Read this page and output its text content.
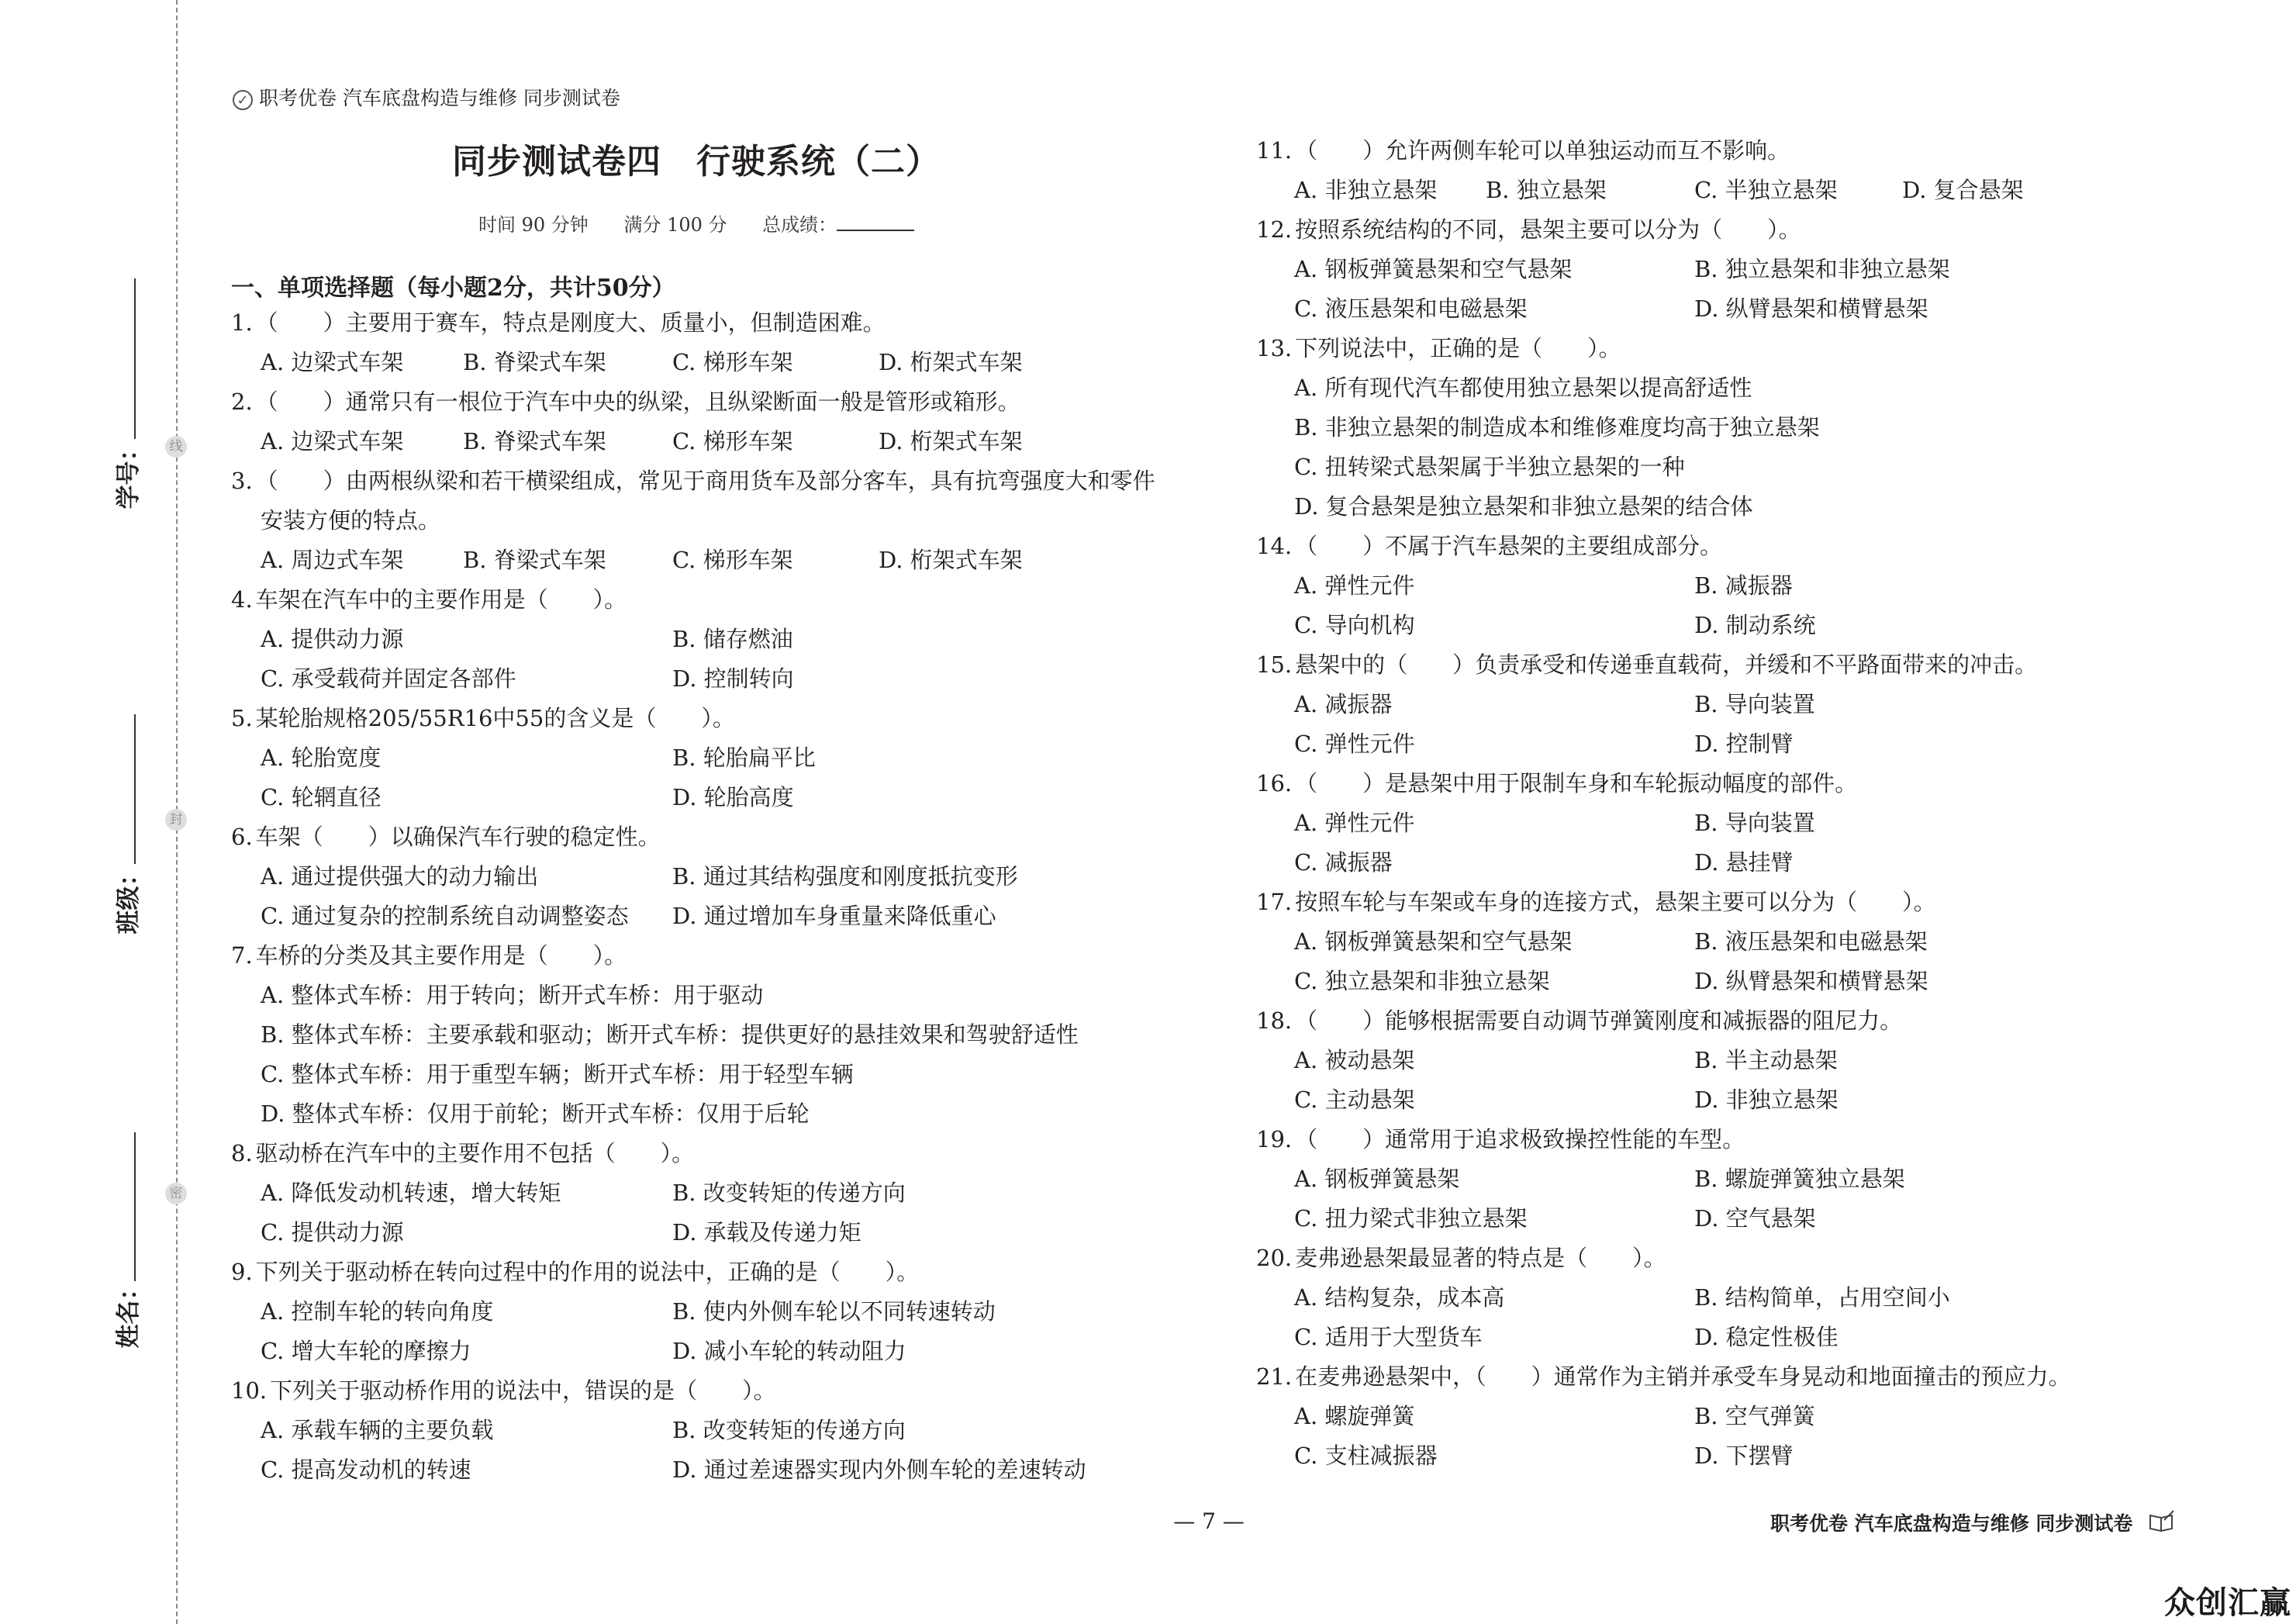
线
封
密
学号：
班级：
姓名：
✓ 职考优卷 汽车底盘构造与维修 同步测试卷
同步测试卷四　行驶系统（二）
时间 90 分钟 满分 100 分 总成绩：
一、单项选择题（每小题2分，共计50分）
1. （　　）主要用于赛车，特点是刚度大、质量小，但制造困难。
A. 边梁式车架	B. 脊梁式车架	C. 梯形车架	D. 桁架式车架
2. （　　）通常只有一根位于汽车中央的纵梁，且纵梁断面一般是管形或箱形。
A. 边梁式车架	B. 脊梁式车架	C. 梯形车架	D. 桁架式车架
3. （　　）由两根纵梁和若干横梁组成，常见于商用货车及部分客车，具有抗弯强度大和零件
安装方便的特点。
A. 周边式车架	B. 脊梁式车架	C. 梯形车架	D. 桁架式车架
4. 车架在汽车中的主要作用是（　　）。
A. 提供动力源	B. 储存燃油
C. 承受载荷并固定各部件	D. 控制转向
5. 某轮胎规格205/55R16中55的含义是（　　）。
A. 轮胎宽度	B. 轮胎扁平比
C. 轮辋直径	D. 轮胎高度
6. 车架（　　）以确保汽车行驶的稳定性。
A. 通过提供强大的动力输出	B. 通过其结构强度和刚度抵抗变形
C. 通过复杂的控制系统自动调整姿态 D. 通过增加车身重量来降低重心
7. 车桥的分类及其主要作用是（　　）。
A. 整体式车桥：用于转向；断开式车桥：用于驱动
B. 整体式车桥：主要承载和驱动；断开式车桥：提供更好的悬挂效果和驾驶舒适性
C. 整体式车桥：用于重型车辆；断开式车桥：用于轻型车辆
D. 整体式车桥：仅用于前轮；断开式车桥：仅用于后轮
8. 驱动桥在汽车中的主要作用不包括（　　）。
A. 降低发动机转速，增大转矩	B. 改变转矩的传递方向
C. 提供动力源	D. 承载及传递力矩
9. 下列关于驱动桥在转向过程中的作用的说法中，正确的是（　　）。
A. 控制车轮的转向角度	B. 使内外侧车轮以不同转速转动
C. 增大车轮的摩擦力	D. 减小车轮的转动阻力
10. 下列关于驱动桥作用的说法中，错误的是（　　）。
A. 承载车辆的主要负载	B. 改变转矩的传递方向
C. 提高发动机的转速	D. 通过差速器实现内外侧车轮的差速转动
11. （　　）允许两侧车轮可以单独运动而互不影响。
A. 非独立悬架 B. 独立悬架	C. 半独立悬架	D. 复合悬架
12. 按照系统结构的不同，悬架主要可以分为（　　）。
A. 钢板弹簧悬架和空气悬架	B. 独立悬架和非独立悬架
C. 液压悬架和电磁悬架	D. 纵臂悬架和横臂悬架
13. 下列说法中，正确的是（　　）。
A. 所有现代汽车都使用独立悬架以提高舒适性
B. 非独立悬架的制造成本和维修难度均高于独立悬架
C. 扭转梁式悬架属于半独立悬架的一种
D. 复合悬架是独立悬架和非独立悬架的结合体
14. （　　）不属于汽车悬架的主要组成部分。
A. 弹性元件	B. 减振器
C. 导向机构	D. 制动系统
15. 悬架中的（　　）负责承受和传递垂直载荷，并缓和不平路面带来的冲击。
A. 减振器	B. 导向装置
C. 弹性元件	D. 控制臂
16. （　　）是悬架中用于限制车身和车轮振动幅度的部件。
A. 弹性元件	B. 导向装置
C. 减振器	D. 悬挂臂
17. 按照车轮与车架或车身的连接方式，悬架主要可以分为（　　）。
A. 钢板弹簧悬架和空气悬架	B. 液压悬架和电磁悬架
C. 独立悬架和非独立悬架	D. 纵臂悬架和横臂悬架
18. （　　）能够根据需要自动调节弹簧刚度和减振器的阻尼力。
A. 被动悬架	B. 半主动悬架
C. 主动悬架	D. 非独立悬架
19. （　　）通常用于追求极致操控性能的车型。
A. 钢板弹簧悬架	B. 螺旋弹簧独立悬架
C. 扭力梁式非独立悬架	D. 空气悬架
20. 麦弗逊悬架最显著的特点是（　　）。
A. 结构复杂，成本高	B. 结构简单，占用空间小
C. 适用于大型货车	D. 稳定性极佳
21. 在麦弗逊悬架中，（　　）通常作为主销并承受车身晃动和地面撞击的预应力。
A. 螺旋弹簧	B. 空气弹簧
C. 支柱减振器	D. 下摆臂
— 7 —	职考优卷 汽车底盘构造与维修 同步测试卷
众创汇赢
